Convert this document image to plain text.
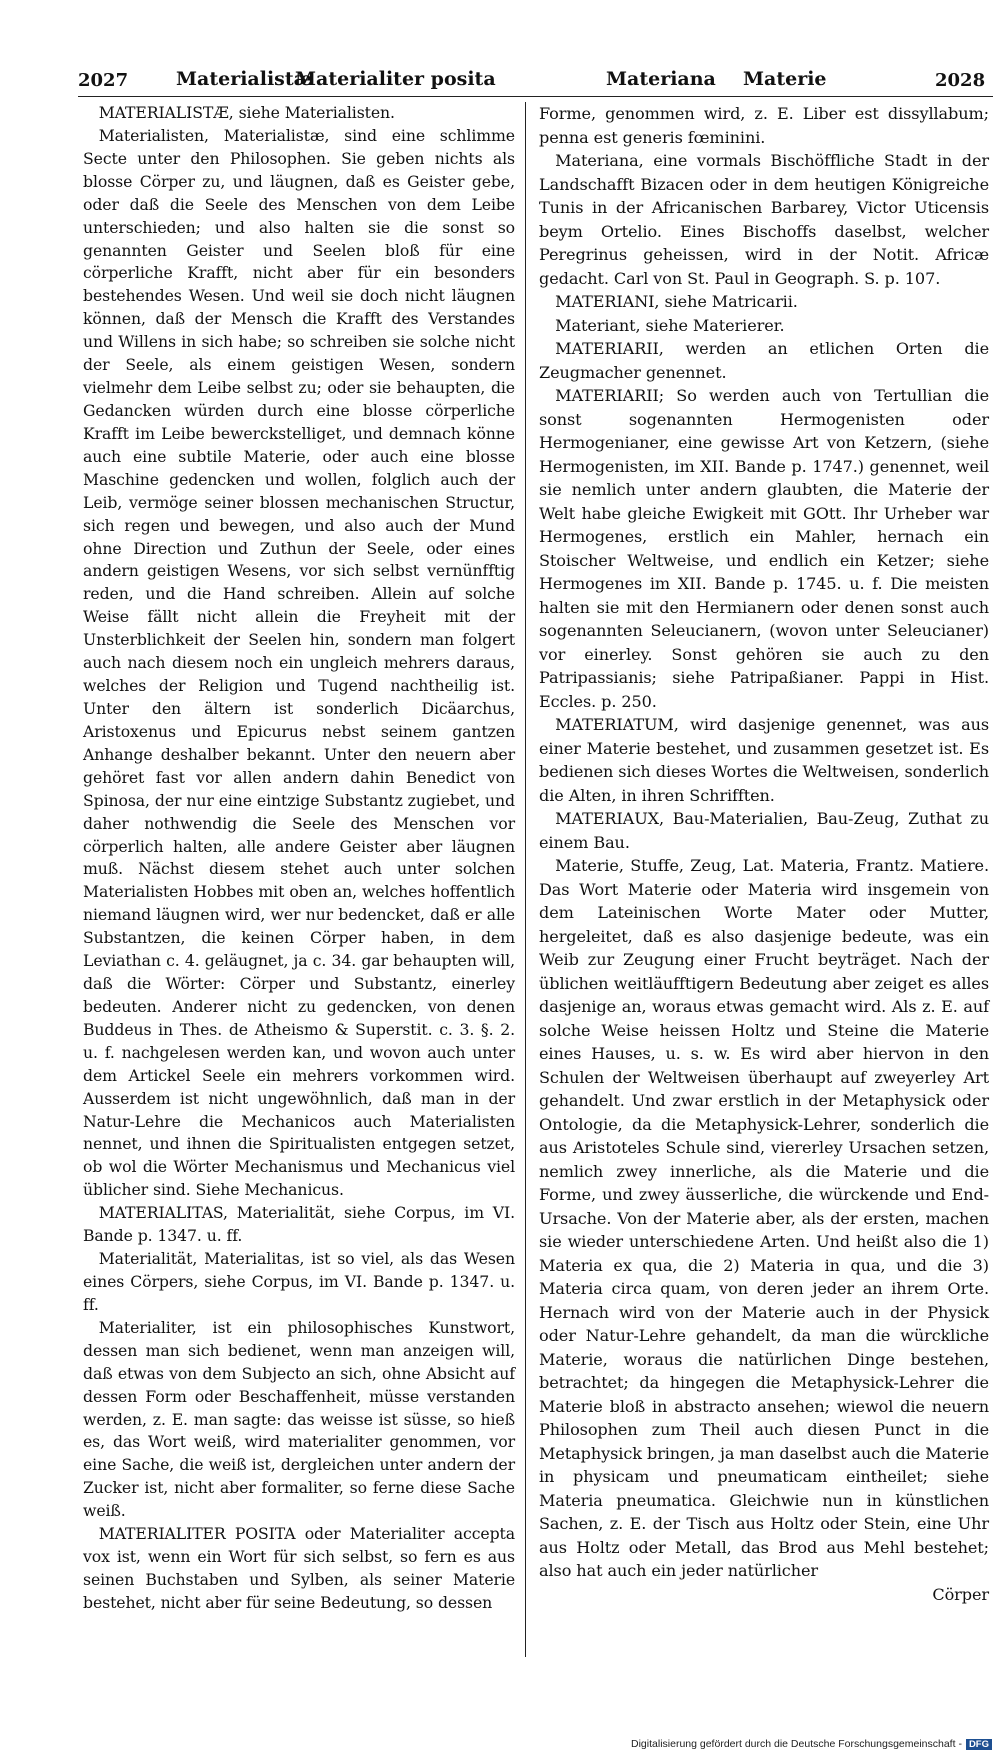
2027	Materialistæ
Materialiter posita	Materiana Materie	2028

MATERIALISTÆ, siehe Materialisten.

Materialisten, Materialistæ, sind eine schlimme Secte unter den Philosophen. Sie geben nichts als blosse Cörper zu, und läugnen, daß es Geister gebe, oder daß die Seele des Menschen von dem Leibe unterschieden; und also halten sie die sonst so genannten Geister und Seelen bloß für eine cörperliche Krafft, nicht aber für ein besonders bestehendes Wesen. Und weil sie doch nicht läugnen können, daß der Mensch die Krafft des Verstandes und Willens in sich habe; so schreiben sie solche nicht der Seele, als einem geistigen Wesen, sondern vielmehr dem Leibe selbst zu; oder sie behaupten, die Gedancken würden durch eine blosse cörperliche Krafft im Leibe bewerckstelliget, und demnach könne auch eine subtile Materie, oder auch eine blosse Maschine gedencken und wollen, folglich auch der Leib, vermöge seiner blossen mechanischen Structur, sich regen und bewegen, und also auch der Mund ohne Direction und Zuthun der Seele, oder eines andern geistigen Wesens, vor sich selbst vernünfftig reden, und die Hand schreiben. Allein auf solche Weise fällt nicht allein die Freyheit mit der Unsterblichkeit der Seelen hin, sondern man folgert auch nach diesem noch ein ungleich mehrers daraus, welches der Religion und Tugend nachtheilig ist. Unter den ältern ist sonderlich Dicäarchus, Aristoxenus und Epicurus nebst seinem gantzen Anhange deshalber bekannt. Unter den neuern aber gehöret fast vor allen andern dahin Benedict von Spinosa, der nur eine eintzige Substantz zugiebet, und daher nothwendig die Seele des Menschen vor cörperlich halten, alle andere Geister aber läugnen muß. Nächst diesem stehet auch unter solchen Materialisten Hobbes mit oben an, welches hoffentlich niemand läugnen wird, wer nur bedencket, daß er alle Substantzen, die keinen Cörper haben, in dem Leviathan c. 4. geläugnet, ja c. 34. gar behaupten will, daß die Wörter: Cörper und Substantz, einerley bedeuten. Anderer nicht zu gedencken, von denen Buddeus in Thes. de Atheismo & Superstit. c. 3. §. 2. u. f. nachgelesen werden kan, und wovon auch unter dem Artickel Seele ein mehrers vorkommen wird. Ausserdem ist nicht ungewöhnlich, daß man in der Natur-Lehre die Mechanicos auch Materialisten nennet, und ihnen die Spiritualisten entgegen setzet, ob wol die Wörter Mechanismus und Mechanicus viel üblicher sind. Siehe Mechanicus.

MATERIALITAS, Materialität, siehe Corpus, im VI. Bande p. 1347. u. ff.

Materialität, Materialitas, ist so viel, als das Wesen eines Cörpers, siehe Corpus, im VI. Bande p. 1347. u. ff.

Materialiter, ist ein philosophisches Kunstwort, dessen man sich bedienet, wenn man anzeigen will, daß etwas von dem Subjecto an sich, ohne Absicht auf dessen Form oder Beschaffenheit, müsse verstanden werden, z. E. man sagte: das weisse ist süsse, so hieß es, das Wort weiß, wird materialiter genommen, vor eine Sache, die weiß ist, dergleichen unter andern der Zucker ist, nicht aber formaliter, so ferne diese Sache weiß.

MATERIALITER POSITA oder Materialiter accepta vox ist, wenn ein Wort für sich selbst, so fern es aus seinen Buchstaben und Sylben, als seiner Materie bestehet, nicht aber für seine Bedeutung, so dessen

Forme, genommen wird, z. E. Liber est dissyllabum; penna est generis fœminini.

Materiana, eine vormals Bischöffliche Stadt in der Landschafft Bizacen oder in dem heutigen Königreiche Tunis in der Africanischen Barbarey, Victor Uticensis beym Ortelio. Eines Bischoffs daselbst, welcher Peregrinus geheissen, wird in der Notit. Africæ gedacht. Carl von St. Paul in Geograph. S. p. 107.

MATERIANI, siehe Matricarii.

Materiant, siehe Materierer.

MATERIARII, werden an etlichen Orten die Zeugmacher genennet.

MATERIARII; So werden auch von Tertullian die sonst sogenannten Hermogenisten oder Hermogenianer, eine gewisse Art von Ketzern, (siehe Hermogenisten, im XII. Bande p. 1747.) genennet, weil sie nemlich unter andern glaubten, die Materie der Welt habe gleiche Ewigkeit mit GOtt. Ihr Urheber war Hermogenes, erstlich ein Mahler, hernach ein Stoischer Weltweise, und endlich ein Ketzer; siehe Hermogenes im XII. Bande p. 1745. u. f. Die meisten halten sie mit den Hermianern oder denen sonst auch sogenannten Seleucianern, (wovon unter Seleucianer) vor einerley. Sonst gehören sie auch zu den Patripassianis; siehe Patripaßianer. Pappi in Hist. Eccles. p. 250.

MATERIATUM, wird dasjenige genennet, was aus einer Materie bestehet, und zusammen gesetzet ist. Es bedienen sich dieses Wortes die Weltweisen, sonderlich die Alten, in ihren Schrifften.

MATERIAUX, Bau-Materialien, Bau-Zeug, Zuthat zu einem Bau.

Materie, Stuffe, Zeug, Lat. Materia, Frantz. Matiere. Das Wort Materie oder Materia wird insgemein von dem Lateinischen Worte Mater oder Mutter, hergeleitet, daß es also dasjenige bedeute, was ein Weib zur Zeugung einer Frucht beyträget. Nach der üblichen weitläufftigern Bedeutung aber zeiget es alles dasjenige an, woraus etwas gemacht wird. Als z. E. auf solche Weise heissen Holtz und Steine die Materie eines Hauses, u. s. w. Es wird aber hiervon in den Schulen der Weltweisen überhaupt auf zweyerley Art gehandelt. Und zwar erstlich in der Metaphysick oder Ontologie, da die Metaphysick-Lehrer, sonderlich die aus Aristoteles Schule sind, viererley Ursachen setzen, nemlich zwey innerliche, als die Materie und die Forme, und zwey äusserliche, die würckende und End-Ursache. Von der Materie aber, als der ersten, machen sie wieder unterschiedene Arten. Und heißt also die 1) Materia ex qua, die 2) Materia in qua, und die 3) Materia circa quam, von deren jeder an ihrem Orte. Hernach wird von der Materie auch in der Physick oder Natur-Lehre gehandelt, da man die würckliche Materie, woraus die natürlichen Dinge bestehen, betrachtet; da hingegen die Metaphysick-Lehrer die Materie bloß in abstracto ansehen; wiewol die neuern Philosophen zum Theil auch diesen Punct in die Metaphysick bringen, ja man daselbst auch die Materie in physicam und pneumaticam eintheilet; siehe Materia pneumatica. Gleichwie nun in künstlichen Sachen, z. E. der Tisch aus Holtz oder Stein, eine Uhr aus Holtz oder Metall, das Brod aus Mehl bestehet; also hat auch ein jeder natürlicher

Cörper
Digitalisierung gefördert durch die Deutsche Forschungsgemeinschaft - DFG
